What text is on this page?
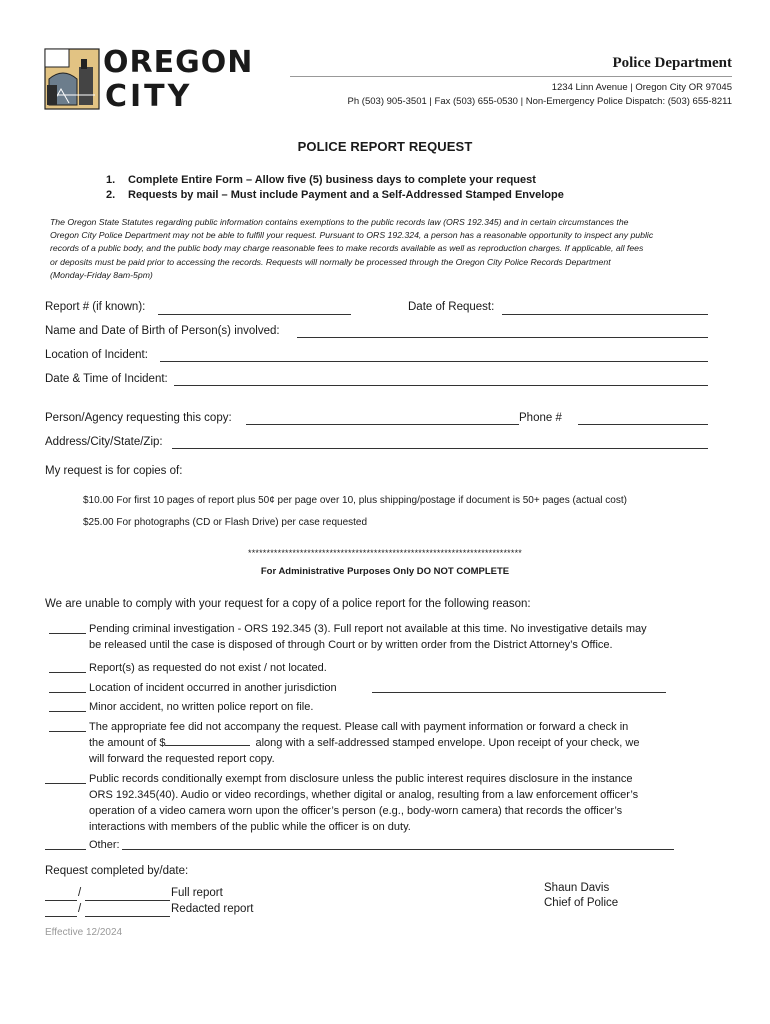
OREGON
CITY
Police Department
1234 Linn Avenue | Oregon City OR 97045
Ph (503) 905-3501 | Fax (503) 655-0530 | Non-Emergency Police Dispatch: (503) 655-8211
POLICE REPORT REQUEST
1. Complete Entire Form – Allow five (5) business days to complete your request
2. Requests by mail – Must include Payment and a Self-Addressed Stamped Envelope
The Oregon State Statutes regarding public information contains exemptions to the public records law (ORS 192.345) and in certain circumstances the
Oregon City Police Department may not be able to fulfill your request. Pursuant to ORS 192.324, a person has a reasonable opportunity to inspect any public
records of a public body, and the public body may charge reasonable fees to make records available as well as reproduction charges. If applicable, all fees
or deposits must be paid prior to accessing the records. Requests will normally be processed through the Oregon City Police Records Department
(Monday-Friday 8am-5pm)
Report # (if known):	Date of Request:
Name and Date of Birth of Person(s) involved:
Location of Incident:
Date & Time of Incident:
Person/Agency requesting this copy:	Phone #
Address/City/State/Zip:
My request is for copies of:
$10.00 For first 10 pages of report plus 50¢ per page over 10, plus shipping/postage if document is 50+ pages (actual cost)
$25.00 For photographs (CD or Flash Drive) per case requested
**************************************************************************
For Administrative Purposes Only DO NOT COMPLETE
We are unable to comply with your request for a copy of a police report for the following reason:
Pending criminal investigation - ORS 192.345 (3). Full report not available at this time. No investigative details may
be released until the case is disposed of through Court or by written order from the District Attorney’s Office.
Report(s) as requested do not exist / not located.
Location of incident occurred in another jurisdiction
Minor accident, no written police report on file.
The appropriate fee did not accompany the request. Please call with payment information or forward a check in
the amount of $	along with a self-addressed stamped envelope. Upon receipt of your check, we
will forward the requested report copy.
Public records conditionally exempt from disclosure unless the public interest requires disclosure in the instance
ORS 192.345(40). Audio or video recordings, whether digital or analog, resulting from a law enforcement officer’s
operation of a video camera worn upon the officer’s person (e.g., body-worn camera) that records the officer’s
interactions with members of the public while the officer is on duty.
Other:
Request completed by/date:
/	Full report
/	Redacted report
Shaun Davis
Chief of Police
Effective 12/2024
